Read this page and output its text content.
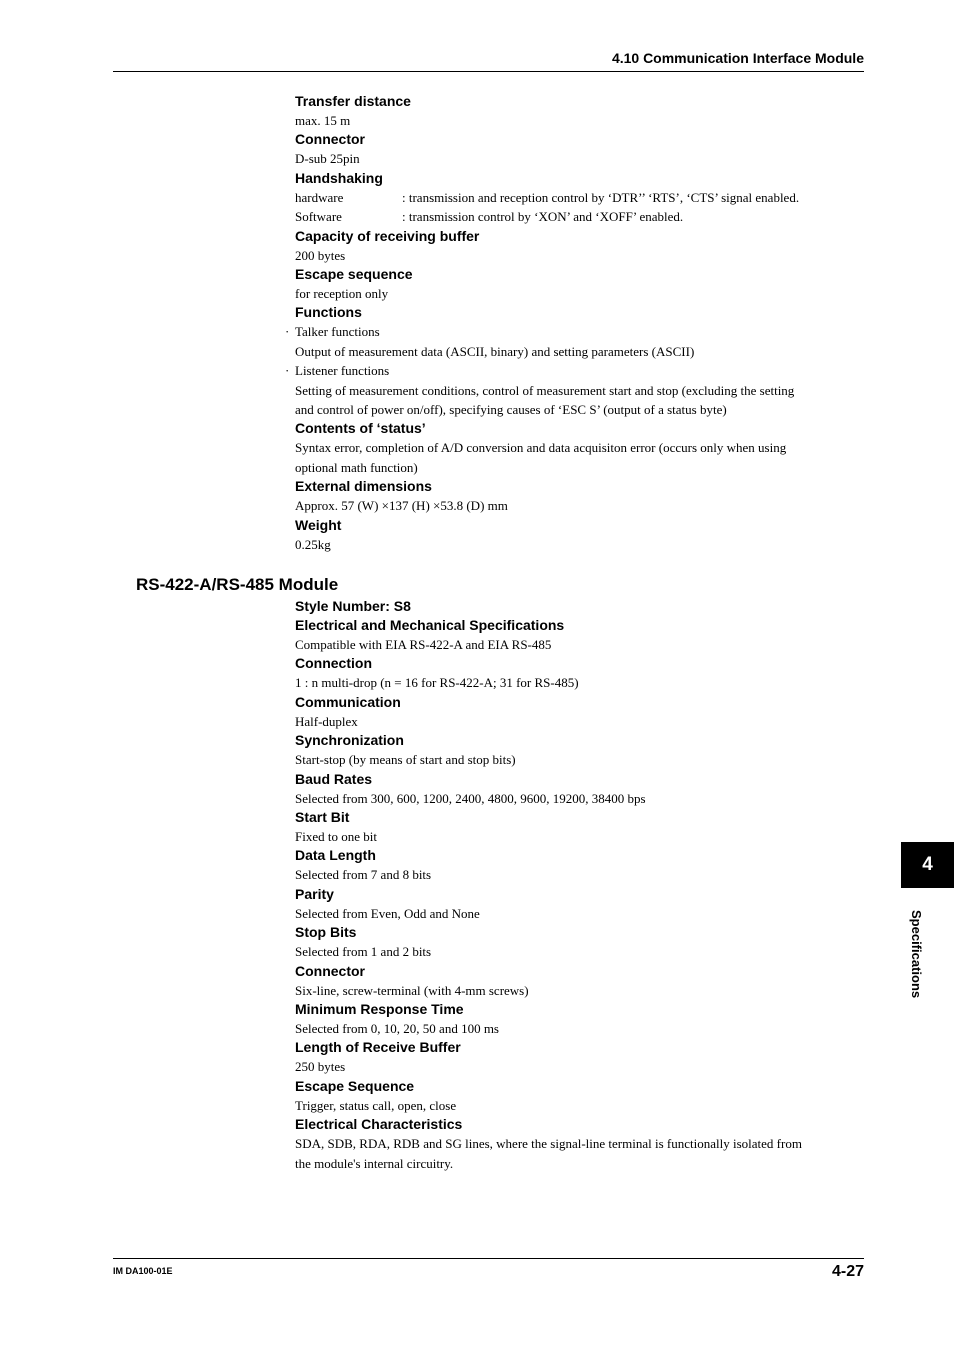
4.10 Communication Interface Module
Transfer distance
max. 15 m
Connector
D-sub 25pin
Handshaking
hardware	: transmission and reception control by ‘DTR’’ ‘RTS’, ‘CTS’ signal enabled.
Software	: transmission control by ‘XON’ and ‘XOFF’ enabled.
Capacity of receiving buffer
200 bytes
Escape sequence
for reception only
Functions
· Talker functions
Output of measurement data (ASCII, binary) and setting parameters (ASCII)
· Listener functions
Setting of measurement conditions, control of measurement start and stop (excluding the setting
and control of power on/off), specifying causes of ‘ESC S’ (output of a status byte)
Contents of ‘status’
Syntax error, completion of A/D conversion and data acquisiton error (occurs only when using
optional math function)
External dimensions
Approx. 57 (W) ×137 (H) ×53.8 (D) mm
Weight
0.25kg
RS-422-A/RS-485 Module
Style Number: S8
Electrical and Mechanical Specifications
Compatible with EIA RS-422-A and EIA RS-485
Connection
1 : n multi-drop (n = 16 for RS-422-A; 31 for RS-485)
Communication
Half-duplex
Synchronization
Start-stop (by means of start and stop bits)
Baud Rates
Selected from 300, 600, 1200, 2400, 4800, 9600, 19200, 38400 bps
Start Bit
Fixed to one bit
Data Length
Selected from 7 and 8 bits
Parity
Selected from Even, Odd and None
Stop Bits
Selected from 1 and 2 bits
Connector
Six-line, screw-terminal (with 4-mm screws)
Minimum Response Time
Selected from 0, 10, 20, 50 and 100 ms
Length of Receive Buffer
250 bytes
Escape Sequence
Trigger, status call, open, close
Electrical Characteristics
SDA, SDB, RDA, RDB and SG lines, where the signal-line terminal is functionally isolated from
the module's internal circuitry.
4
Specifications
IM DA100-01E	4-27
